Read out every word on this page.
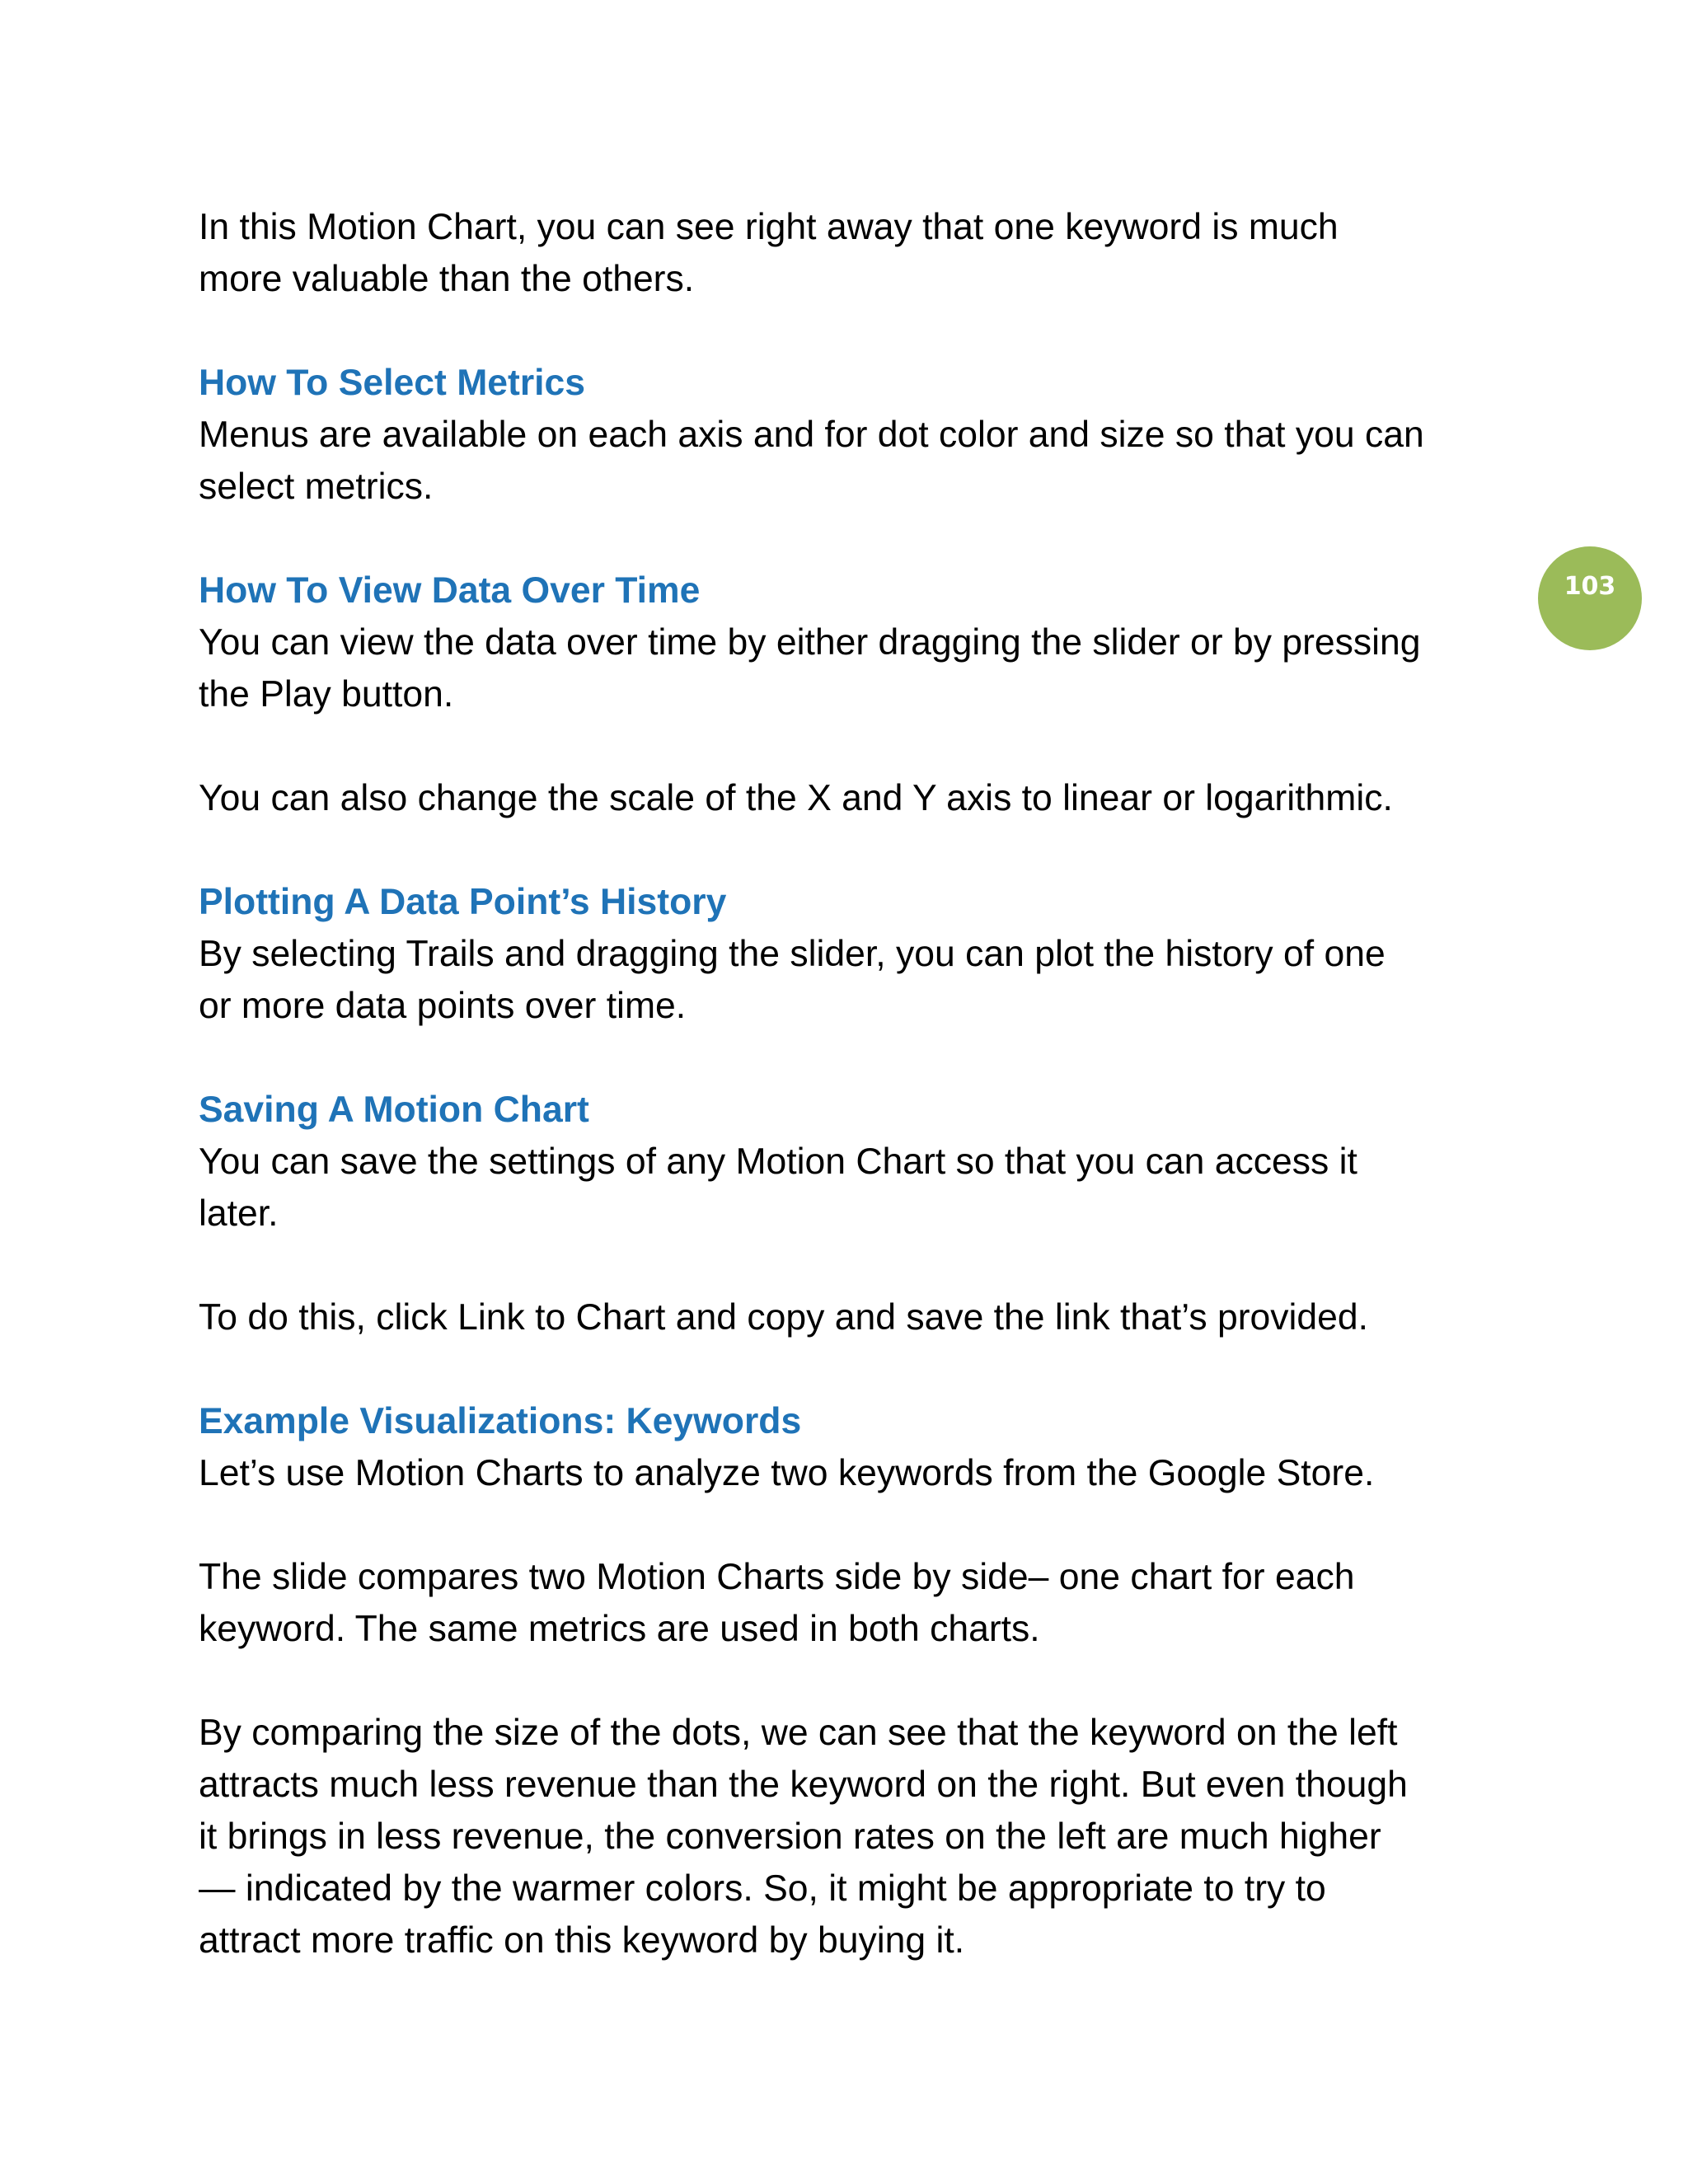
In this Motion Chart, you can see right away that one keyword is much
more valuable than the others.

How To Select Metrics

Menus are available on each axis and for dot color and size so that you can
select metrics.

How To View Data Over Time

You can view the data over time by either dragging the slider or by pressing
the Play button.

You can also change the scale of the X and Y axis to linear or logarithmic.

Plotting A Data Point’s History

By selecting Trails and dragging the slider, you can plot the history of one
or more data points over time.

Saving A Motion Chart

You can save the settings of any Motion Chart so that you can access it
later.

To do this, click Link to Chart and copy and save the link that’s provided.

Example Visualizations: Keywords

Let’s use Motion Charts to analyze two keywords from the Google Store.

The slide compares two Motion Charts side by side– one chart for each
keyword. The same metrics are used in both charts.

By comparing the size of the dots, we can see that the keyword on the left
attracts much less revenue than the keyword on the right. But even though
it brings in less revenue, the conversion rates on the left are much higher
— indicated by the warmer colors. So, it might be appropriate to try to
attract more traffic on this keyword by buying it.

103
